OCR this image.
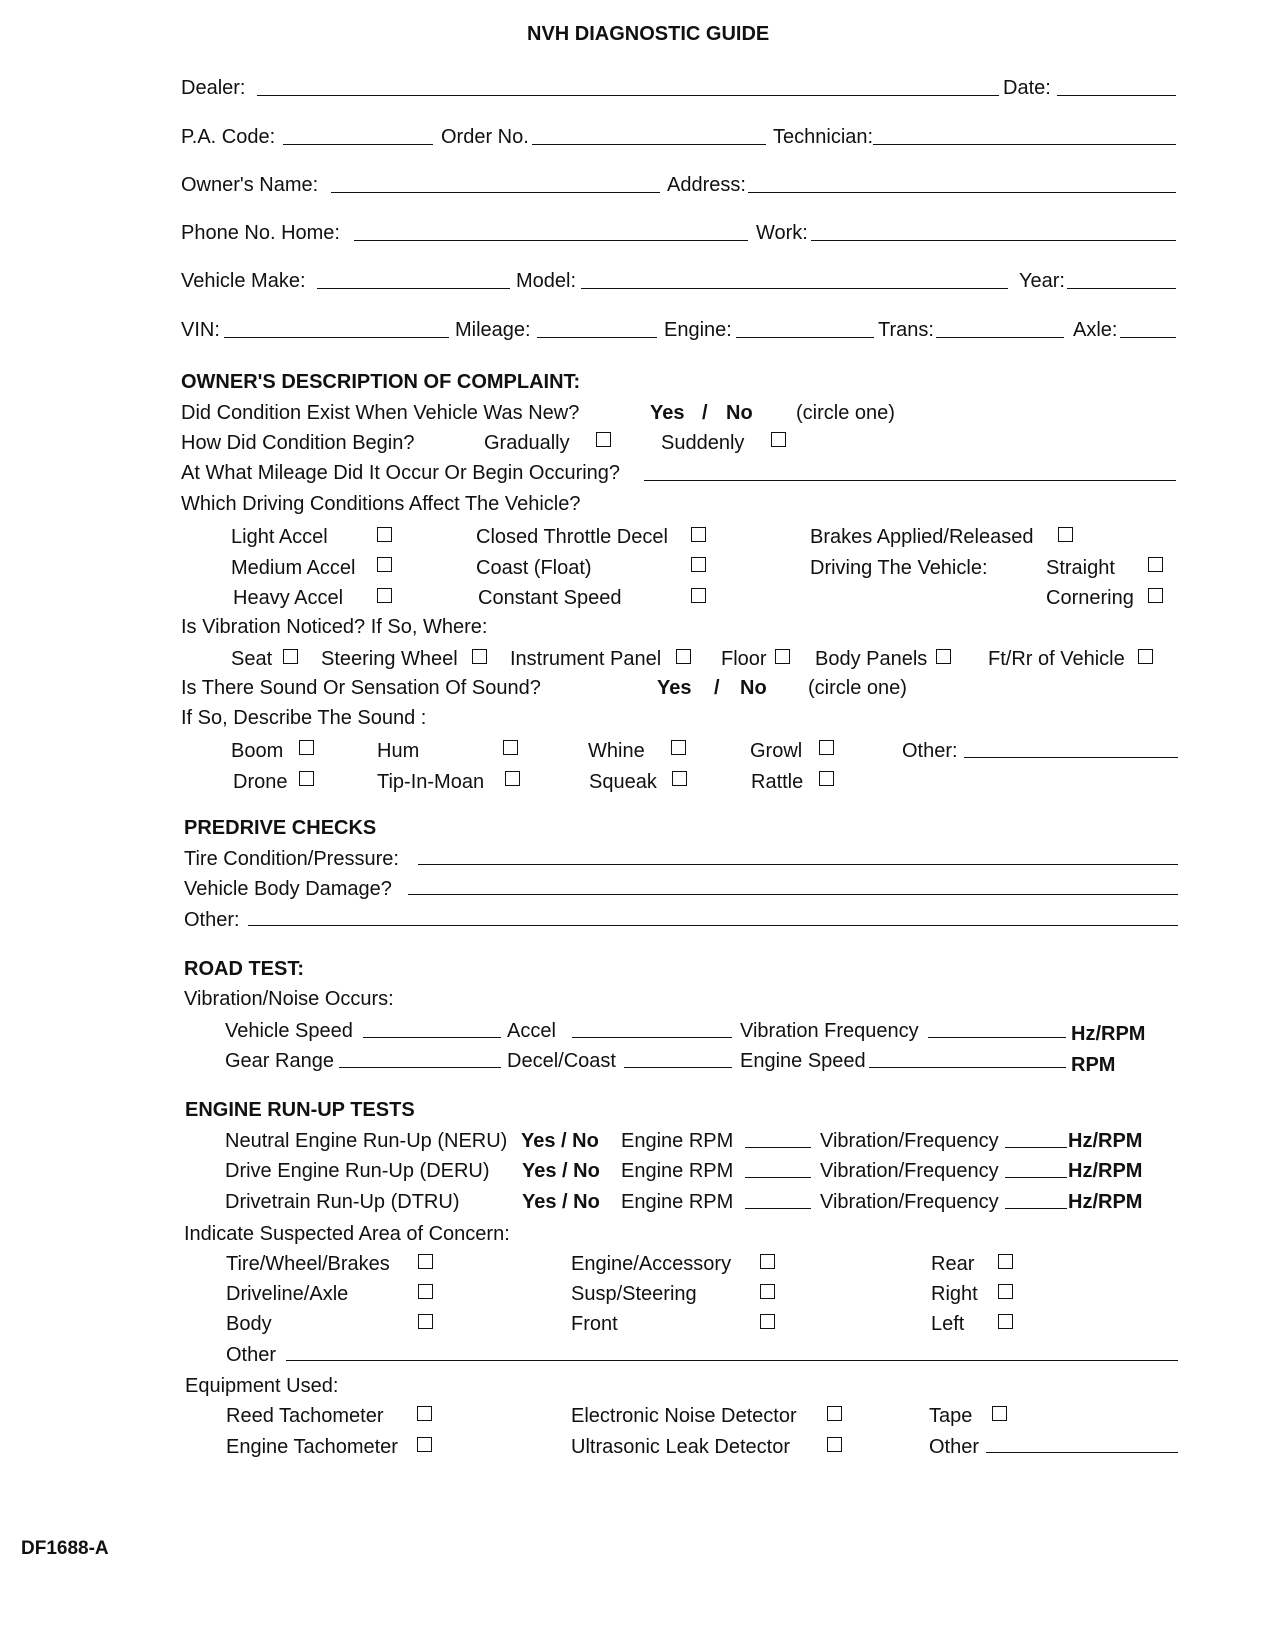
NVH DIAGNOSTIC GUIDE
Dealer:	Date:
P.A. Code:	Order No.	Technician:
Owner's Name:	Address:
Phone No. Home:	Work:
Vehicle Make:	Model:	Year:
VIN:	Mileage:	Engine:	Trans:	Axle:
OWNER'S DESCRIPTION OF COMPLAINT:
Did Condition Exist When Vehicle Was New?	Yes / No (circle one)
How Did Condition Begin?	Gradually	Suddenly
At What Mileage Did It Occur Or Begin Occuring?
Which Driving Conditions Affect The Vehicle?
Light Accel	Closed Throttle Decel	Brakes Applied/Released
Medium Accel	Coast (Float)	Driving The Vehicle:	Straight
Heavy Accel	Constant Speed	Cornering
Is Vibration Noticed? If So, Where:
Seat Steering Wheel	Instrument Panel	Floor Body Panels	Ft/Rr of Vehicle
Is There Sound Or Sensation Of Sound?	Yes / No (circle one)
If So, Describe The Sound :
Boom	Hum	Whine	Growl	Other:
Drone	Tip-In-Moan	Squeak	Rattle
PREDRIVE CHECKS
Tire Condition/Pressure:
Vehicle Body Damage?
Other:
ROAD TEST:
Vibration/Noise Occurs:
Vehicle Speed	Accel	Vibration Frequency	Hz/RPM
Gear Range	Decel/Coast	Engine Speed	RPM
ENGINE RUN-UP TESTS
Neutral Engine Run-Up (NERU) Yes / No Engine RPM	Vibration/Frequency	Hz/RPM
Drive Engine Run-Up (DERU) Yes / No Engine RPM	Vibration/Frequency	Hz/RPM
Drivetrain Run-Up (DTRU)	Yes / No Engine RPM	Vibration/Frequency	Hz/RPM
Indicate Suspected Area of Concern:
Tire/Wheel/Brakes	Engine/Accessory	Rear
Driveline/Axle	Susp/Steering	Right
Body	Front	Left
Other
Equipment Used:
Reed Tachometer	Electronic Noise Detector	Tape
Engine Tachometer	Ultrasonic Leak Detector	Other
DF1688-A
